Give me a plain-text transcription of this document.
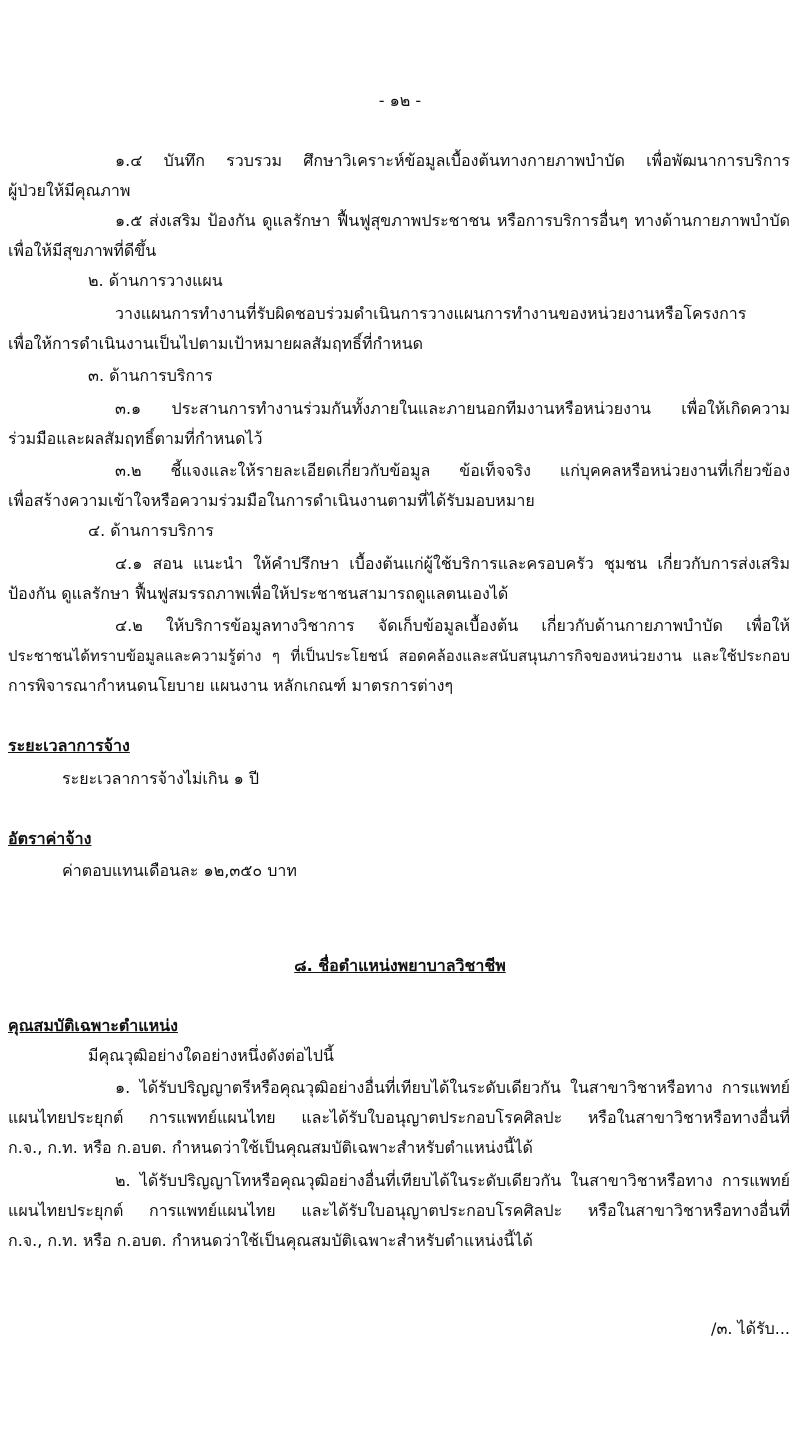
- ๑๒ -
๑.๔ บันทึก รวบรวม ศึกษาวิเคราะห์ข้อมูลเบื้องต้นทางกายภาพบำบัด เพื่อพัฒนาการบริการ
ผู้ป่วยให้มีคุณภาพ
๑.๕ ส่งเสริม ป้องกัน ดูแลรักษา ฟื้นฟูสุขภาพประชาชน หรือการบริการอื่นๆ ทางด้านกายภาพบำบัด
เพื่อให้มีสุขภาพที่ดีขึ้น
๒. ด้านการวางแผน
วางแผนการทำงานที่รับผิดชอบร่วมดำเนินการวางแผนการทำงานของหน่วยงานหรือโครงการ
เพื่อให้การดำเนินงานเป็นไปตามเป้าหมายผลสัมฤทธิ์ที่กำหนด
๓. ด้านการบริการ
๓.๑ ประสานการทำงานร่วมกันทั้งภายในและภายนอกทีมงานหรือหน่วยงาน เพื่อให้เกิดความ
ร่วมมือและผลสัมฤทธิ์ตามที่กำหนดไว้
๓.๒ ชี้แจงและให้รายละเอียดเกี่ยวกับข้อมูล ข้อเท็จจริง แก่บุคคลหรือหน่วยงานที่เกี่ยวข้อง
เพื่อสร้างความเข้าใจหรือความร่วมมือในการดำเนินงานตามที่ได้รับมอบหมาย
๔. ด้านการบริการ
๔.๑ สอน แนะนำ ให้คำปรึกษา เบื้องต้นแก่ผู้ใช้บริการและครอบครัว ชุมชน เกี่ยวกับการส่งเสริม
ป้องกัน ดูแลรักษา ฟื้นฟูสมรรถภาพเพื่อให้ประชาชนสามารถดูแลตนเองได้
๔.๒ ให้บริการข้อมูลทางวิชาการ จัดเก็บข้อมูลเบื้องต้น เกี่ยวกับด้านกายภาพบำบัด เพื่อให้
ประชาชนได้ทราบข้อมูลและความรู้ต่าง ๆ ที่เป็นประโยชน์ สอดคล้องและสนับสนุนภารกิจของหน่วยงาน และใช้ประกอบ
การพิจารณากำหนดนโยบาย แผนงาน หลักเกณฑ์ มาตรการต่างๆ
ระยะเวลาการจ้าง
ระยะเวลาการจ้างไม่เกิน ๑ ปี
อัตราค่าจ้าง
ค่าตอบแทนเดือนละ ๑๒,๓๕๐ บาท
๘. ชื่อตำแหน่งพยาบาลวิชาชีพ
คุณสมบัติเฉพาะตำแหน่ง
มีคุณวุฒิอย่างใดอย่างหนึ่งดังต่อไปนี้
๑. ได้รับปริญญาตรีหรือคุณวุฒิอย่างอื่นที่เทียบได้ในระดับเดียวกัน ในสาขาวิชาหรือทาง การแพทย์
แผนไทยประยุกต์ การแพทย์แผนไทย และได้รับใบอนุญาตประกอบโรคศิลปะ หรือในสาขาวิชาหรือทางอื่นที่
ก.จ., ก.ท. หรือ ก.อบต. กำหนดว่าใช้เป็นคุณสมบัติเฉพาะสำหรับตำแหน่งนี้ได้
๒. ได้รับปริญญาโทหรือคุณวุฒิอย่างอื่นที่เทียบได้ในระดับเดียวกัน ในสาขาวิชาหรือทาง การแพทย์
แผนไทยประยุกต์ การแพทย์แผนไทย และได้รับใบอนุญาตประกอบโรคศิลปะ หรือในสาขาวิชาหรือทางอื่นที่
ก.จ., ก.ท. หรือ ก.อบต. กำหนดว่าใช้เป็นคุณสมบัติเฉพาะสำหรับตำแหน่งนี้ได้
/๓. ได้รับ...
